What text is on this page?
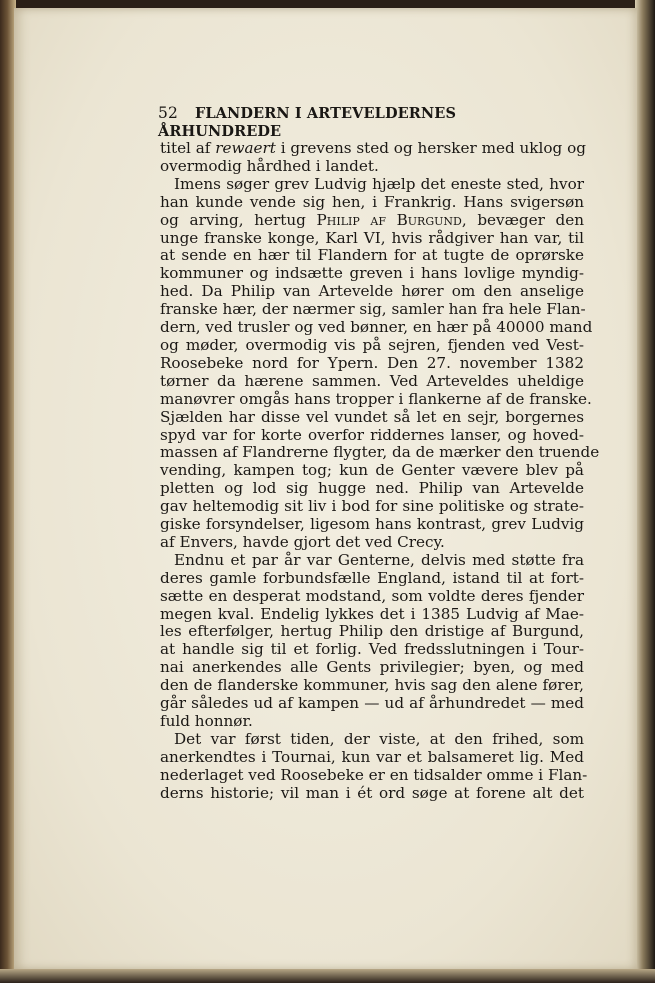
52 FLANDERN I ARTEVELDERNES ÅRHUNDREDE
titel af rewaert i grevens sted og hersker med uklog og
overmodig hårdhed i landet.
Imens søger grev Ludvig hjælp det eneste sted, hvor
han kunde vende sig hen, i Frankrig. Hans svigersøn
og arving, hertug Philip af Burgund, bevæger den
unge franske konge, Karl VI, hvis rådgiver han var, til
at sende en hær til Flandern for at tugte de oprørske
kommuner og indsætte greven i hans lovlige myndig-
hed. Da Philip van Artevelde hører om den anselige
franske hær, der nærmer sig, samler han fra hele Flan-
dern, ved trusler og ved bønner, en hær på 40000 mand
og møder, overmodig vis på sejren, fjenden ved Vest-
Roosebeke nord for Ypern. Den 27. november 1382
tørner da hærene sammen. Ved Arteveldes uheldige
manøvrer omgås hans tropper i flankerne af de franske.
Sjælden har disse vel vundet så let en sejr, borgernes
spyd var for korte overfor riddernes lanser, og hoved-
massen af Flandrerne flygter, da de mærker den truende
vending, kampen tog; kun de Genter vævere blev på
pletten og lod sig hugge ned. Philip van Artevelde
gav heltemodig sit liv i bod for sine politiske og strate-
giske forsyndelser, ligesom hans kontrast, grev Ludvig
af Envers, havde gjort det ved Crecy.
Endnu et par år var Genterne, delvis med støtte fra
deres gamle forbundsfælle England, istand til at fort-
sætte en desperat modstand, som voldte deres fjender
megen kval. Endelig lykkes det i 1385 Ludvig af Mae-
les efterfølger, hertug Philip den dristige af Burgund,
at handle sig til et forlig. Ved fredsslutningen i Tour-
nai anerkendes alle Gents privilegier; byen, og med
den de flanderske kommuner, hvis sag den alene fører,
går således ud af kampen — ud af århundredet — med
fuld honnør.
Det var først tiden, der viste, at den frihed, som
anerkendtes i Tournai, kun var et balsameret lig. Med
nederlaget ved Roosebeke er en tidsalder omme i Flan-
derns historie; vil man i ét ord søge at forene alt det
